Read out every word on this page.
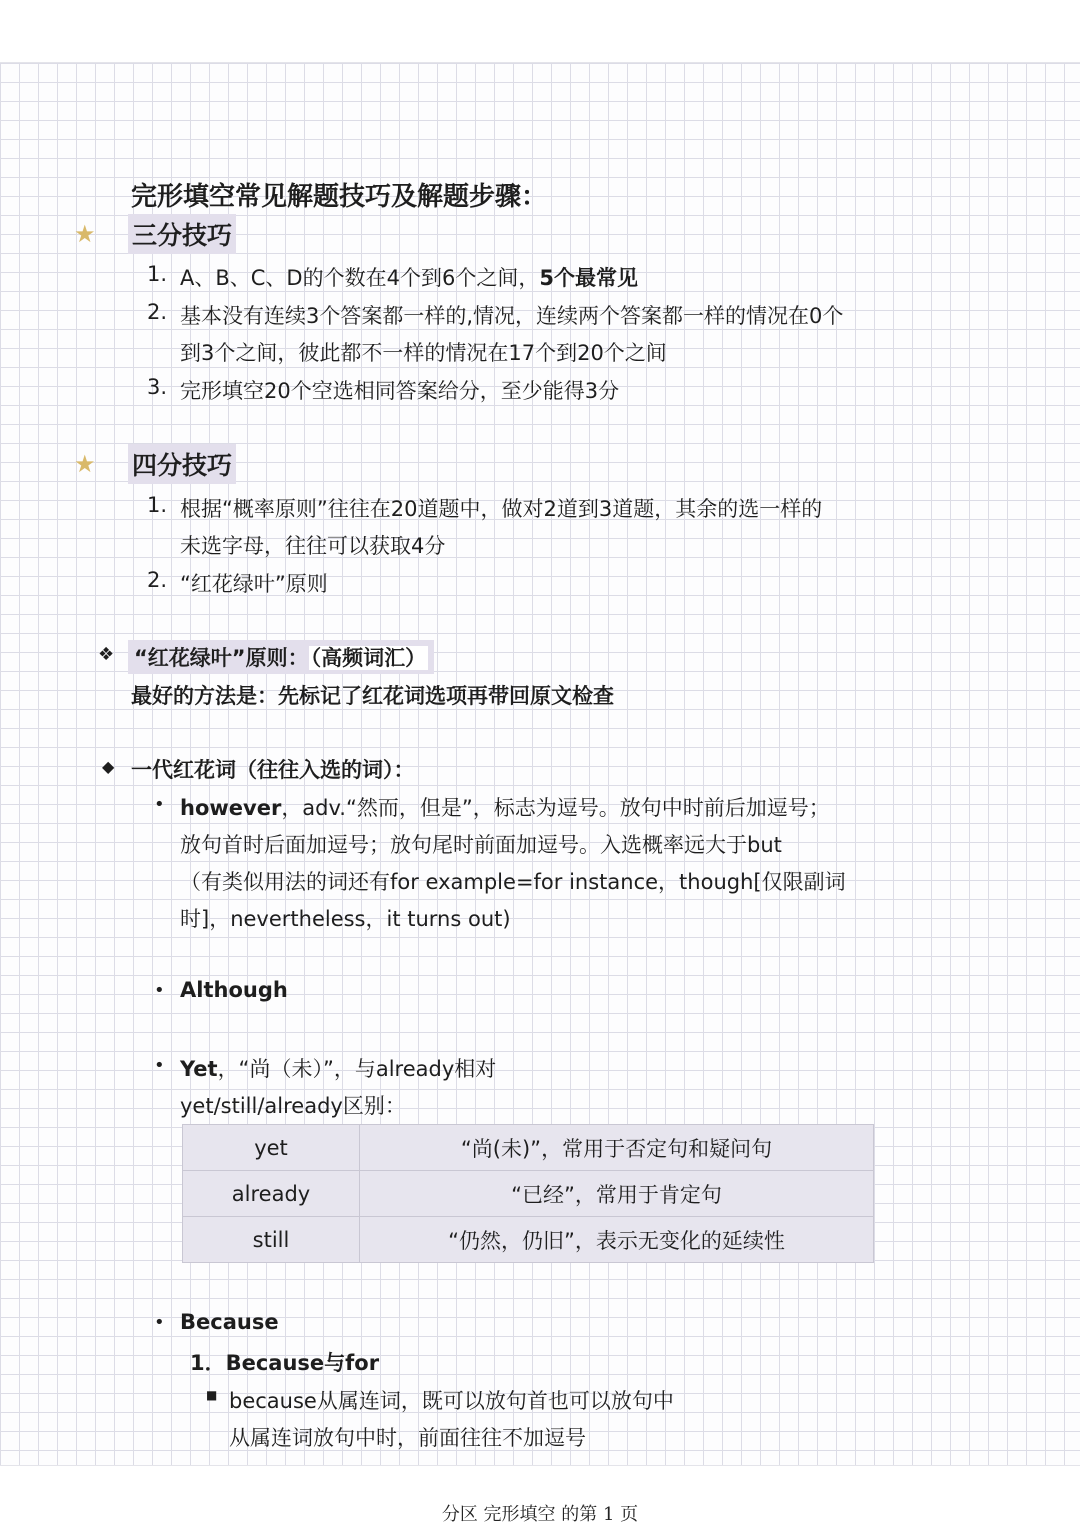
完形填空常见解题技巧及解题步骤：
★ 三分技巧
1. A、B、C、D的个数在4个到6个之间，5个最常见
2. 基本没有连续3个答案都一样的,情况，连续两个答案都一样的情况在0个
到3个之间，彼此都不一样的情况在17个到20个之间
3. 完形填空20个空选相同答案给分，至少能得3分
★ 四分技巧
1. 根据“概率原则”往往在20道题中，做对2道到3道题，其余的选一样的
未选字母，往往可以获取4分
2. “红花绿叶”原则
❖ “红花绿叶”原则：（高频词汇）
最好的方法是：先标记了红花词选项再带回原文检查
◆ 一代红花词（往往入选的词）：
• however，adv.“然而，但是”，标志为逗号。放句中时前后加逗号；
放句首时后面加逗号；放句尾时前面加逗号。入选概率远大于but
（有类似用法的词还有for example=for instance，though[仅限副词
时]，nevertheless，it turns out)
• Although
• Yet，“尚（未）”，与already相对
yet/still/already区别：
yet	“尚(未)”，常用于否定句和疑问句
already	“已经”，常用于肯定句
still	“仍然，仍旧”，表示无变化的延续性
• Because
1．Because与for
■ because从属连词，既可以放句首也可以放句中
从属连词放句中时，前面往往不加逗号
分区 完形填空 的第 1 页
